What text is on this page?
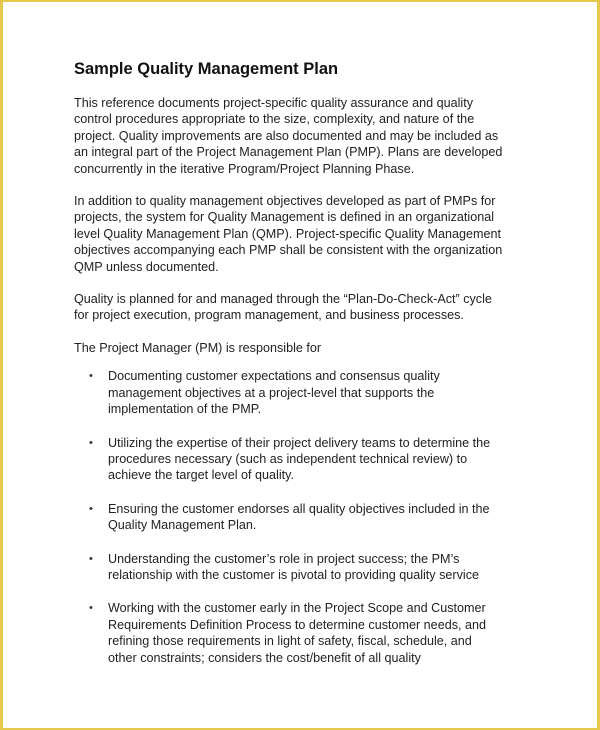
Sample Quality Management Plan

This reference documents project-specific quality assurance and quality
control procedures appropriate to the size, complexity, and nature of the
project. Quality improvements are also documented and may be included as
an integral part of the Project Management Plan (PMP). Plans are developed
concurrently in the iterative Program/Project Planning Phase.

In addition to quality management objectives developed as part of PMPs for
projects, the system for Quality Management is defined in an organizational
level Quality Management Plan (QMP). Project-specific Quality Management
objectives accompanying each PMP shall be consistent with the organization
QMP unless documented.

Quality is planned for and managed through the “Plan-Do-Check-Act” cycle
for project execution, program management, and business processes.

The Project Manager (PM) is responsible for

• Documenting customer expectations and consensus quality
management objectives at a project-level that supports the
implementation of the PMP.
• Utilizing the expertise of their project delivery teams to determine the
procedures necessary (such as independent technical review) to
achieve the target level of quality.
• Ensuring the customer endorses all quality objectives included in the
Quality Management Plan.
• Understanding the customer’s role in project success; the PM’s
relationship with the customer is pivotal to providing quality service
• Working with the customer early in the Project Scope and Customer
Requirements Definition Process to determine customer needs, and
refining those requirements in light of safety, fiscal, schedule, and
other constraints; considers the cost/benefit of all quality
